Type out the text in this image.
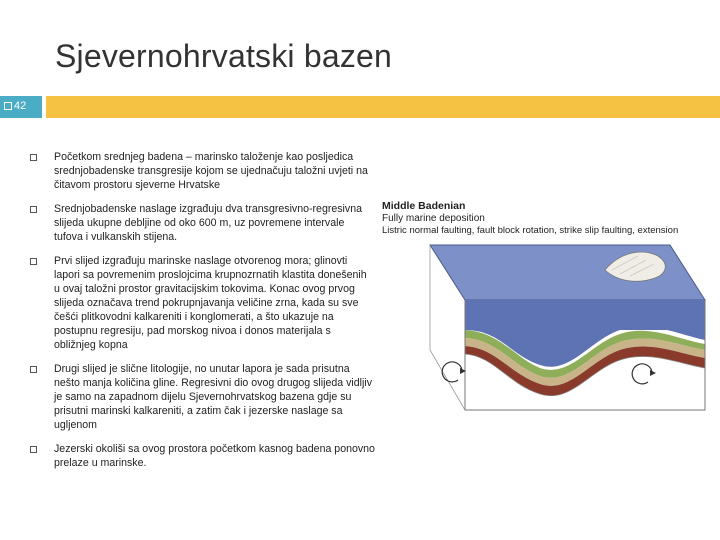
Sjevernohrvatski bazen
42
Početkom srednjeg badena – marinsko taloženje kao posljedica srednjobadenske transgresije kojom se ujednačuju taložni uvjeti na čitavom prostoru sjeverne Hrvatske
Srednjobadenske naslage izgrađuju dva transgresivno-regresivna slijeda ukupne debljine od oko 600 m, uz povremene intervale tufova i vulkanskih stijena.
Prvi slijed izgrađuju marinske naslage otvorenog mora; glinovti lapori sa povremenim proslojcima krupnozrnatih klastita donešenih u ovaj taložni prostor gravitacijskim tokovima. Konac ovog prvog slijeda označava trend pokrupnjavanja veličine zrna, kada su sve češći plitkovodni kalkareniti i konglomerati, a što ukazuje na postupnu regresiju, pad morskog nivoa i donos materijala s obližnjeg kopna
Drugi slijed je slične litologije, no unutar lapora je sada prisutna nešto manja količina gline. Regresivni dio ovog drugog slijeda vidljiv je samo na zapadnom dijelu Sjevernohrvatskog bazena gdje su prisutni marinski kalkareniti, a zatim čak i jezerske naslage sa ugljenom
Jezerski okoliši sa ovog prostora početkom kasnog badena ponovno prelaze u marinske.
Middle Badenian
Fully marine deposition
Listric normal faulting, fault block rotation, strike slip faulting, extension
